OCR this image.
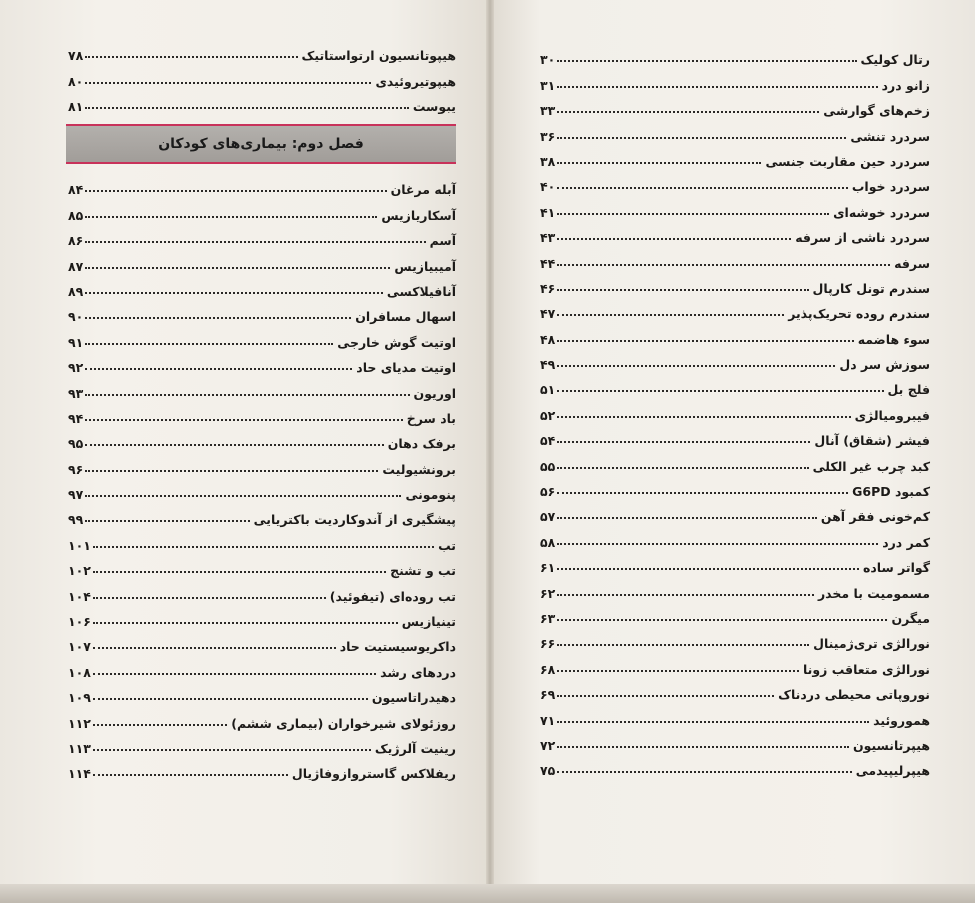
هیپوتانسیون ارتواستاتیک
۷۸
هیپوتیروئیدی
۸۰
یبوست
۸۱
فصل دوم: بیماری‌های کودکان
آبله مرغان
۸۴
آسکاریازیس
۸۵
آسم
۸۶
آمیبیازیس
۸۷
آنافیلاکسی
۸۹
اسهال مسافران
۹۰
اوتیت گوش خارجی
۹۱
اوتیت مدیای حاد
۹۲
اوریون
۹۳
باد سرخ
۹۴
برفک دهان
۹۵
برونشیولیت
۹۶
پنومونی
۹۷
پیشگیری از آندوکاردیت باکتریایی
۹۹
تب
۱۰۱
تب و تشنج
۱۰۲
تب روده‌ای (تیفوئید)
۱۰۴
تینیازیس
۱۰۶
داکریوسیستیت حاد
۱۰۷
دردهای رشد
۱۰۸
دهیدراتاسیون
۱۰۹
روزئولای شیرخواران (بیماری ششم)
۱۱۲
رینیت آلرژیک
۱۱۳
ریفلاکس گاستروازوفاژیال
۱۱۴
رتال کولیک
۳۰
زانو درد
۳۱
زخم‌های گوارشی
۳۳
سردرد تنشی
۳۶
سردرد حین مقاربت جنسی
۳۸
سردرد خواب
۴۰
سردرد خوشه‌ای
۴۱
سردرد ناشی از سرفه
۴۳
سرفه
۴۴
سندرم تونل کارپال
۴۶
سندرم روده تحریک‌پذیر
۴۷
سوء هاضمه
۴۸
سوزش سر دل
۴۹
فلج بل
۵۱
فیبرومیالژی
۵۲
فیشر (شقاق) آنال
۵۴
کبد چرب غیر الکلی
۵۵
کمبود G6PD
۵۶
کم‌خونی فقر آهن
۵۷
کمر درد
۵۸
گواتر ساده
۶۱
مسمومیت با مخدر
۶۲
میگرن
۶۳
نورالژی تری‌ژمینال
۶۶
نورالژی متعاقب زونا
۶۸
نوروپاتی محیطی دردناک
۶۹
هموروئید
۷۱
هیپرتانسیون
۷۲
هیپرلیپیدمی
۷۵
